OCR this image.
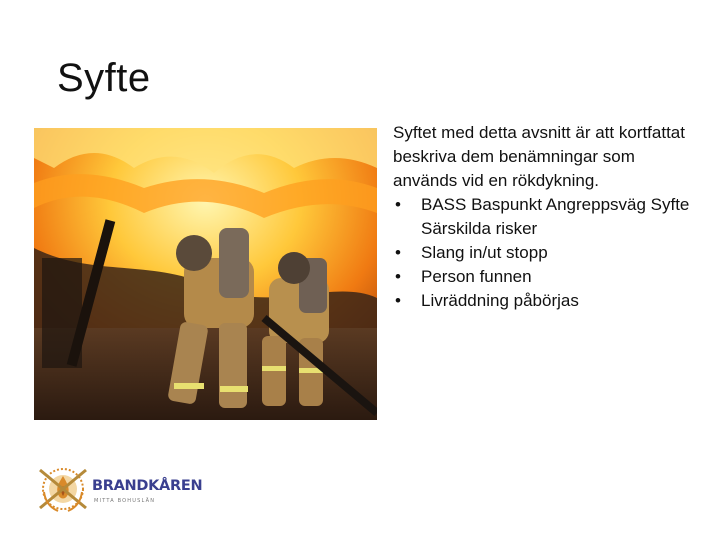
Syfte

Syftet med detta avsnitt är att kortfattat beskriva dem benämningar som används vid en rökdykning.

•	BASS Baspunkt Angreppsväg Syfte Särskilda risker
•	Slang in/ut stopp
•	Person funnen
•	Livräddning påbörjas
BRANDKÅREN
MITTA BOHUSLÄN
